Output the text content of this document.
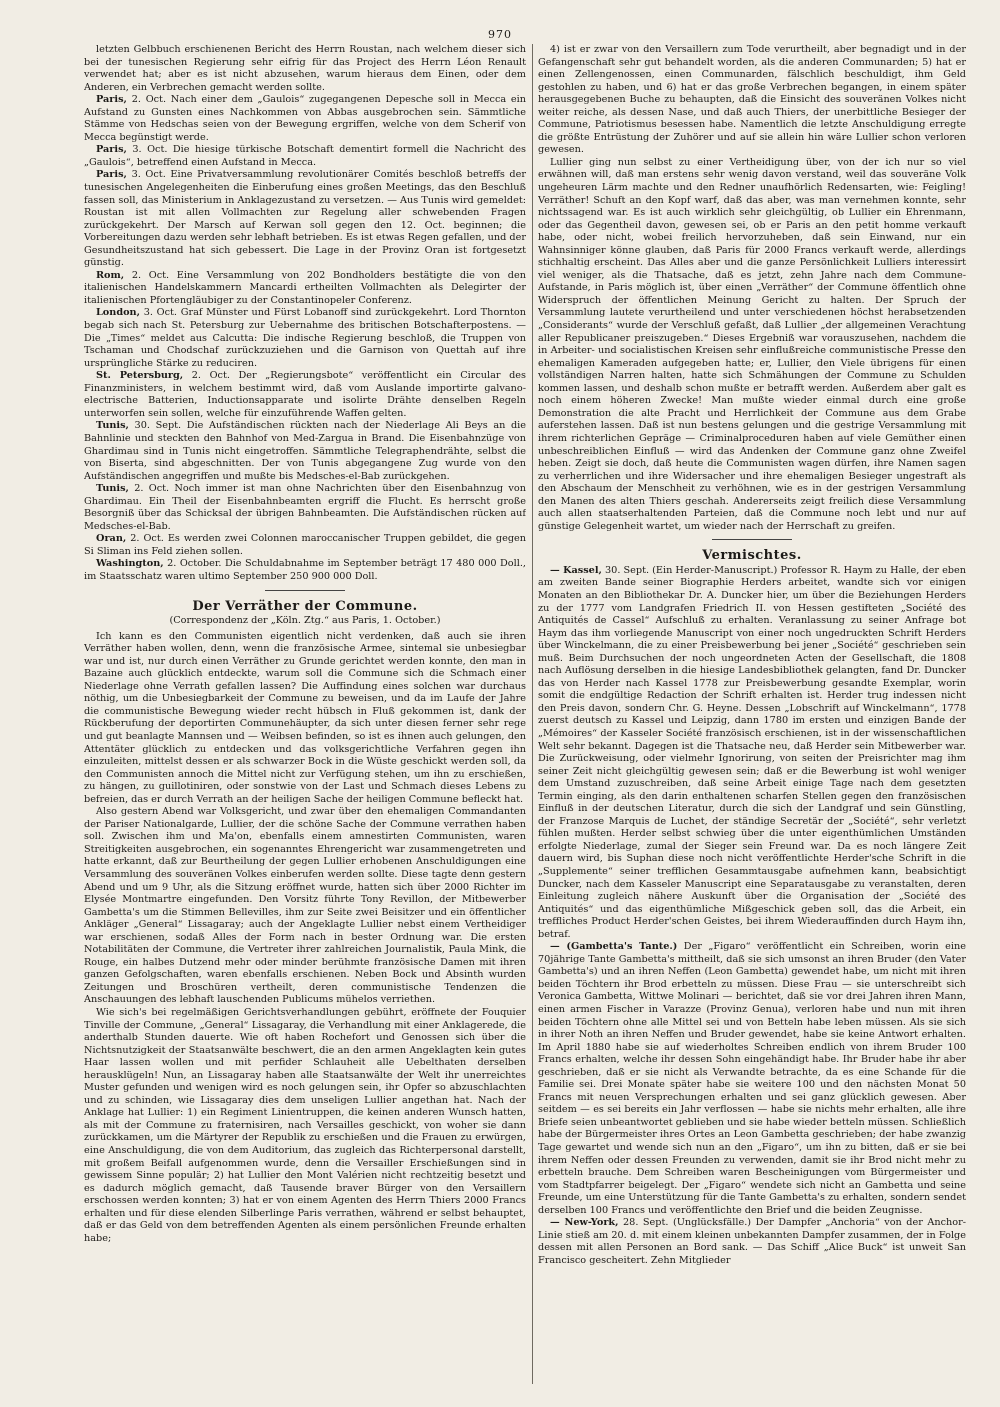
970

letzten Gelbbuch erschienenen Bericht des Herrn Roustan, nach welchem dieser sich bei der tunesischen Regierung sehr eifrig für das Project des Herrn Léon Renault verwendet hat; aber es ist nicht abzusehen, warum hieraus dem Einen, oder dem Anderen, ein Verbrechen gemacht werden sollte.

Paris, 2. Oct. Nach einer dem „Gaulois“ zugegangenen Depesche soll in Mecca ein Aufstand zu Gunsten eines Nachkommen von Abbas ausgebrochen sein. Sämmtliche Stämme von Hedschas seien von der Bewegung ergriffen, welche von dem Scherif von Mecca begünstigt werde.

Paris, 3. Oct. Die hiesige türkische Botschaft dementirt formell die Nachricht des „Gaulois“, betreffend einen Aufstand in Mecca.

Paris, 3. Oct. Eine Privatversammlung revolutionärer Comités beschloß betreffs der tunesischen Angelegenheiten die Einberufung eines großen Meetings, das den Beschluß fassen soll, das Ministerium in Anklagezustand zu versetzen. — Aus Tunis wird gemeldet: Roustan ist mit allen Vollmachten zur Regelung aller schwebenden Fragen zurückgekehrt. Der Marsch auf Kerwan soll gegen den 12. Oct. beginnen; die Vorbereitungen dazu werden sehr lebhaft betrieben. Es ist etwas Regen gefallen, und der Gesundheitszustand hat sich gebessert. Die Lage in der Provinz Oran ist fortgesetzt günstig.

Rom, 2. Oct. Eine Versammlung von 202 Bondholders bestätigte die von den italienischen Handelskammern Mancardi ertheilten Vollmachten als Delegirter der italienischen Pfortengläubiger zu der Constantinopeler Conferenz.

London, 3. Oct. Graf Münster und Fürst Lobanoff sind zurückgekehrt. Lord Thornton begab sich nach St. Petersburg zur Uebernahme des britischen Botschafterpostens. — Die „Times“ meldet aus Calcutta: Die indische Regierung beschloß, die Truppen von Tschaman und Chodschaf zurückzuziehen und die Garnison von Quettah auf ihre ursprüngliche Stärke zu reduciren.

St. Petersburg, 2. Oct. Der „Regierungsbote“ veröffentlicht ein Circular des Finanzministers, in welchem bestimmt wird, daß vom Auslande importirte galvano-electrische Batterien, Inductionsapparate und isolirte Drähte denselben Regeln unterworfen sein sollen, welche für einzuführende Waffen gelten.

Tunis, 30. Sept. Die Aufständischen rückten nach der Niederlage Ali Beys an die Bahnlinie und steckten den Bahnhof von Med-Zargua in Brand. Die Eisenbahnzüge von Ghardimau sind in Tunis nicht eingetroffen. Sämmtliche Telegraphendrähte, selbst die von Biserta, sind abgeschnitten. Der von Tunis abgegangene Zug wurde von den Aufständischen angegriffen und mußte bis Medsches-el-Bab zurückgehen.

Tunis, 2. Oct. Noch immer ist man ohne Nachrichten über den Eisenbahnzug von Ghardimau. Ein Theil der Eisenbahnbeamten ergriff die Flucht. Es herrscht große Besorgniß über das Schicksal der übrigen Bahnbeamten. Die Aufständischen rücken auf Medsches-el-Bab.

Oran, 2. Oct. Es werden zwei Colonnen maroccanischer Truppen gebildet, die gegen Si Sliman ins Feld ziehen sollen.

Washington, 2. October. Die Schuldabnahme im September beträgt 17 480 000 Doll., im Staatsschatz waren ultimo September 250 900 000 Doll.

Der Verräther der Commune.

(Correspondenz der „Köln. Ztg.“ aus Paris, 1. October.)

Ich kann es den Communisten eigentlich nicht verdenken, daß auch sie ihren Verräther haben wollen, denn, wenn die französische Armee, sintemal sie unbesiegbar war und ist, nur durch einen Verräther zu Grunde gerichtet werden konnte, den man in Bazaine auch glücklich entdeckte, warum soll die Commune sich die Schmach einer Niederlage ohne Verrath gefallen lassen? Die Auffindung eines solchen war durchaus nöthig, um die Unbesiegbarkeit der Commune zu beweisen, und da im Laufe der Jahre die communistische Bewegung wieder recht hübsch in Fluß gekommen ist, dank der Rückberufung der deportirten Communehäupter, da sich unter diesen ferner sehr rege und gut beanlagte Mannsen und — Weibsen befinden, so ist es ihnen auch gelungen, den Attentäter glücklich zu entdecken und das volksgerichtliche Verfahren gegen ihn einzuleiten, mittelst dessen er als schwarzer Bock in die Wüste geschickt werden soll, da den Communisten annoch die Mittel nicht zur Verfügung stehen, um ihn zu erschießen, zu hängen, zu guillotiniren, oder sonstwie von der Last und Schmach dieses Lebens zu befreien, das er durch Verrath an der heiligen Sache der heiligen Commune befleckt hat.

Also gestern Abend war Volksgericht, und zwar über den ehemaligen Commandanten der Pariser Nationalgarde, Lullier, der die schöne Sache der Commune verrathen haben soll. Zwischen ihm und Ma'on, ebenfalls einem amnestirten Communisten, waren Streitigkeiten ausgebrochen, ein sogenanntes Ehrengericht war zusammengetreten und hatte erkannt, daß zur Beurtheilung der gegen Lullier erhobenen Anschuldigungen eine Versammlung des souveränen Volkes einberufen werden sollte. Diese tagte denn gestern Abend und um 9 Uhr, als die Sitzung eröffnet wurde, hatten sich über 2000 Richter im Elysée Montmartre eingefunden. Den Vorsitz führte Tony Revillon, der Mitbewerber Gambetta's um die Stimmen Bellevilles, ihm zur Seite zwei Beisitzer und ein öffentlicher Ankläger „General“ Lissagaray; auch der Angeklagte Lullier nebst einem Vertheidiger war erschienen, sodaß Alles der Form nach in bester Ordnung war. Die ersten Notabilitäten der Commune, die Vertreter ihrer zahlreichen Journalistik, Paula Mink, die Rouge, ein halbes Dutzend mehr oder minder berühmte französische Damen mit ihren ganzen Gefolgschaften, waren ebenfalls erschienen. Neben Bock und Absinth wurden Zeitungen und Broschüren vertheilt, deren communistische Tendenzen die Anschauungen des lebhaft lauschenden Publicums mühelos verriethen.

Wie sich's bei regelmäßigen Gerichtsverhandlungen gebührt, eröffnete der Fouquier Tinville der Commune, „General“ Lissagaray, die Verhandlung mit einer Anklagerede, die anderthalb Stunden dauerte. Wie oft haben Rochefort und Genossen sich über die Nichtsnutzigkeit der Staatsanwälte beschwert, die an den armen Angeklagten kein gutes Haar lassen wollen und mit perfider Schlauheit alle Uebelthaten derselben herausklügeln! Nun, an Lissagaray haben alle Staatsanwälte der Welt ihr unerreichtes Muster gefunden und wenigen wird es noch gelungen sein, ihr Opfer so abzuschlachten und zu schinden, wie Lissagaray dies dem unseligen Lullier angethan hat. Nach der Anklage hat Lullier: 1) ein Regiment Linientruppen, die keinen anderen Wunsch hatten, als mit der Commune zu fraternisiren, nach Versailles geschickt, von woher sie dann zurückkamen, um die Märtyrer der Republik zu erschießen und die Frauen zu erwürgen, eine Anschuldigung, die von dem Auditorium, das zugleich das Richterpersonal darstellt, mit großem Beifall aufgenommen wurde, denn die Versailler Erschießungen sind in gewissem Sinne populär; 2) hat Lullier den Mont Valérien nicht rechtzeitig besetzt und es dadurch möglich gemacht, daß Tausende braver Bürger von den Versaillern erschossen werden konnten; 3) hat er von einem Agenten des Herrn Thiers 2000 Francs erhalten und für diese elenden Silberlinge Paris verrathen, während er selbst behauptet, daß er das Geld von dem betreffenden Agenten als einem persönlichen Freunde erhalten habe;

4) ist er zwar von den Versaillern zum Tode verurtheilt, aber begnadigt und in der Gefangenschaft sehr gut behandelt worden, als die anderen Communarden; 5) hat er einen Zellengenossen, einen Communarden, fälschlich beschuldigt, ihm Geld gestohlen zu haben, und 6) hat er das große Verbrechen begangen, in einem später herausgegebenen Buche zu behaupten, daß die Einsicht des souveränen Volkes nicht weiter reiche, als dessen Nase, und daß auch Thiers, der unerbittliche Besieger der Commune, Patriotismus besessen habe. Namentlich die letzte Anschuldigung erregte die größte Entrüstung der Zuhörer und auf sie allein hin wäre Lullier schon verloren gewesen.

Lullier ging nun selbst zu einer Vertheidigung über, von der ich nur so viel erwähnen will, daß man erstens sehr wenig davon verstand, weil das souveräne Volk ungeheuren Lärm machte und den Redner unaufhörlich Redensarten, wie: Feigling! Verräther! Schuft an den Kopf warf, daß das aber, was man vernehmen konnte, sehr nichtssagend war. Es ist auch wirklich sehr gleichgültig, ob Lullier ein Ehrenmann, oder das Gegentheil davon, gewesen sei, ob er Paris an den petit homme verkauft habe, oder nicht, wobei freilich hervorzuheben, daß sein Einwand, nur ein Wahnsinniger könne glauben, daß Paris für 2000 Francs verkauft werde, allerdings stichhaltig erscheint. Das Alles aber und die ganze Persönlichkeit Lulliers interessirt viel weniger, als die Thatsache, daß es jetzt, zehn Jahre nach dem Commune-Aufstande, in Paris möglich ist, über einen „Verräther“ der Commune öffentlich ohne Widerspruch der öffentlichen Meinung Gericht zu halten. Der Spruch der Versammlung lautete verurtheilend und unter verschiedenen höchst herabsetzenden „Considerants“ wurde der Verschluß gefaßt, daß Lullier „der allgemeinen Verachtung aller Republicaner preiszugeben.“ Dieses Ergebniß war vorauszusehen, nachdem die in Arbeiter- und socialistischen Kreisen sehr einflußreiche communistische Presse den ehemaligen Kameraden aufgegeben hatte; er, Lullier, den Viele übrigens für einen vollständigen Narren halten, hatte sich Schmähungen der Commune zu Schulden kommen lassen, und deshalb schon mußte er betrafft werden. Außerdem aber galt es noch einem höheren Zwecke! Man mußte wieder einmal durch eine große Demonstration die alte Pracht und Herrlichkeit der Commune aus dem Grabe auferstehen lassen. Daß ist nun bestens gelungen und die gestrige Versammlung mit ihrem richterlichen Gepräge — Criminalproceduren haben auf viele Gemüther einen unbeschreiblichen Einfluß — wird das Andenken der Commune ganz ohne Zweifel heben. Zeigt sie doch, daß heute die Communisten wagen dürfen, ihre Namen sagen zu verherrlichen und ihre Widersacher und ihre ehemaligen Besieger ungestraft als den Abschaum der Menschheit zu verhöhnen, wie es in der gestrigen Versammlung den Manen des alten Thiers geschah. Andererseits zeigt freilich diese Versammlung auch allen staatserhaltenden Parteien, daß die Commune noch lebt und nur auf günstige Gelegenheit wartet, um wieder nach der Herrschaft zu greifen.

Vermischtes.

— Kassel, 30. Sept. (Ein Herder-Manuscript.) Professor R. Haym zu Halle, der eben am zweiten Bande seiner Biographie Herders arbeitet, wandte sich vor einigen Monaten an den Bibliothekar Dr. A. Duncker hier, um über die Beziehungen Herders zu der 1777 vom Landgrafen Friedrich II. von Hessen gestifteten „Société des Antiquités de Cassel“ Aufschluß zu erhalten. Veranlassung zu seiner Anfrage bot Haym das ihm vorliegende Manuscript von einer noch ungedruckten Schrift Herders über Winckelmann, die zu einer Preisbewerbung bei jener „Société“ geschrieben sein muß. Beim Durchsuchen der noch ungeordneten Acten der Gesellschaft, die 1808 nach Auflösung derselben in die hiesige Landesbibliothek gelangten, fand Dr. Duncker das von Herder nach Kassel 1778 zur Preisbewerbung gesandte Exemplar, worin somit die endgültige Redaction der Schrift erhalten ist. Herder trug indessen nicht den Preis davon, sondern Chr. G. Heyne. Dessen „Lobschrift auf Winckelmann“, 1778 zuerst deutsch zu Kassel und Leipzig, dann 1780 im ersten und einzigen Bande der „Mémoires“ der Kasseler Société französisch erschienen, ist in der wissenschaftlichen Welt sehr bekannt. Dagegen ist die Thatsache neu, daß Herder sein Mitbewerber war. Die Zurückweisung, oder vielmehr Ignorirung, von seiten der Preisrichter mag ihm seiner Zeit nicht gleichgültig gewesen sein; daß er die Bewerbung ist wohl weniger dem Umstand zuzuschreiben, daß seine Arbeit einige Tage nach dem gesetzten Termin einging, als den darin enthaltenen scharfen Stellen gegen den französischen Einfluß in der deutschen Literatur, durch die sich der Landgraf und sein Günstling, der Franzose Marquis de Luchet, der ständige Secretär der „Société“, sehr verletzt fühlen mußten. Herder selbst schwieg über die unter eigenthümlichen Umständen erfolgte Niederlage, zumal der Sieger sein Freund war. Da es noch längere Zeit dauern wird, bis Suphan diese noch nicht veröffentlichte Herder'sche Schrift in die „Supplemente“ seiner trefflichen Gesammtausgabe aufnehmen kann, beabsichtigt Duncker, nach dem Kasseler Manuscript eine Separatausgabe zu veranstalten, deren Einleitung zugleich nähere Auskunft über die Organisation der „Société des Antiquités“ und das eigenthümliche Mißgeschick geben soll, das die Arbeit, ein treffliches Product Herder'schen Geistes, bei ihrem Wiederauffinden durch Haym ihn, betraf.

— (Gambetta's Tante.) Der „Figaro“ veröffentlicht ein Schreiben, worin eine 70jährige Tante Gambetta's mittheilt, daß sie sich umsonst an ihren Bruder (den Vater Gambetta's) und an ihren Neffen (Leon Gambetta) gewendet habe, um nicht mit ihren beiden Töchtern ihr Brod erbetteln zu müssen. Diese Frau — sie unterschreibt sich Veronica Gambetta, Wittwe Molinari — berichtet, daß sie vor drei Jahren ihren Mann, einen armen Fischer in Varazze (Provinz Genua), verloren habe und nun mit ihren beiden Töchtern ohne alle Mittel sei und von Betteln habe leben müssen. Als sie sich in ihrer Noth an ihren Neffen und Bruder gewendet, habe sie keine Antwort erhalten. Im April 1880 habe sie auf wiederholtes Schreiben endlich von ihrem Bruder 100 Francs erhalten, welche ihr dessen Sohn eingehändigt habe. Ihr Bruder habe ihr aber geschrieben, daß er sie nicht als Verwandte betrachte, da es eine Schande für die Familie sei. Drei Monate später habe sie weitere 100 und den nächsten Monat 50 Francs mit neuen Versprechungen erhalten und sei ganz glücklich gewesen. Aber seitdem — es sei bereits ein Jahr verflossen — habe sie nichts mehr erhalten, alle ihre Briefe seien unbeantwortet geblieben und sie habe wieder betteln müssen. Schließlich habe der Bürgermeister ihres Ortes an Leon Gambetta geschrieben; der habe zwanzig Tage gewartet und wende sich nun an den „Figaro“, um ihn zu bitten, daß er sie bei ihrem Neffen oder dessen Freunden zu verwenden, damit sie ihr Brod nicht mehr zu erbetteln brauche. Dem Schreiben waren Bescheinigungen vom Bürgermeister und vom Stadtpfarrer beigelegt. Der „Figaro“ wendete sich nicht an Gambetta und seine Freunde, um eine Unterstützung für die Tante Gambetta's zu erhalten, sondern sendet derselben 100 Francs und veröffentlichte den Brief und die beiden Zeugnisse.

— New-York, 28. Sept. (Unglücksfälle.) Der Dampfer „Anchoria“ von der Anchor-Linie stieß am 20. d. mit einem kleinen unbekannten Dampfer zusammen, der in Folge dessen mit allen Personen an Bord sank. — Das Schiff „Alice Buck“ ist unweit San Francisco gescheitert. Zehn Mitglieder
